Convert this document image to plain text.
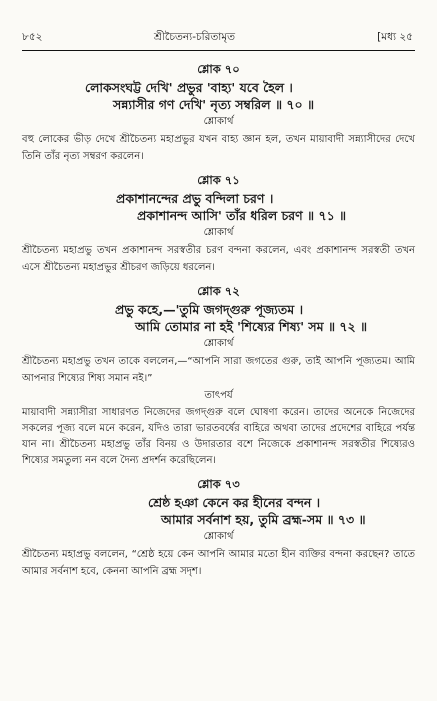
৮৫২	শ্রীচৈতন্য-চরিতামৃত	[মধ্য ২৫
শ্লোক ৭০
লোকসংঘট্ট দেখি' প্রভুর 'বাহ্য' যবে হৈল ।
সন্ন্যাসীর গণ দেখি' নৃত্য সম্বরিল ॥ ৭০ ॥
শ্লোকার্থ
বহু লোকের ভীড় দেখে শ্রীচৈতন্য মহাপ্রভুর যখন বাহ্য জ্ঞান হল, তখন মায়াবাদী সন্ন্যাসীদের দেখে তিনি তাঁর নৃত্য সম্বরণ করলেন।
শ্লোক ৭১
প্রকাশানন্দের প্রভু বন্দিলা চরণ ।
প্রকাশানন্দ আসি' তাঁর ধরিল চরণ ॥ ৭১ ॥
শ্লোকার্থ
শ্রীচৈতন্য মহাপ্রভু তখন প্রকাশানন্দ সরস্বতীর চরণ বন্দনা করলেন, এবং প্রকাশানন্দ সরস্বতী তখন এসে শ্রীচৈতন্য মহাপ্রভুর শ্রীচরণ জড়িয়ে ধরলেন।
শ্লোক ৭২
প্রভু কহে,—'তুমি জগদ্‌গুরু পূজ্যতম ।
আমি তোমার না হই 'শিষ্যের শিষ্য' সম ॥ ৭২ ॥
শ্লোকার্থ
শ্রীচৈতন্য মহাপ্রভু তখন তাকে বললেন,—“আপনি সারা জগতের গুরু, তাই আপনি পূজ্যতম। আমি আপনার শিষ্যের শিষ্য সমান নই।”
তাৎপর্য
মায়াবাদী সন্ন্যাসীরা সাধারণত নিজেদের জগদ্‌গুরু বলে ঘোষণা করেন। তাদের অনেকে নিজেদের সকলের পূজ্য বলে মনে করেন, যদিও তারা ভারতবর্ষের বাহিরে অথবা তাদের প্রদেশের বাহিরে পর্যন্ত যান না। শ্রীচৈতন্য মহাপ্রভু তাঁর বিনয় ও উদারতার বশে নিজেকে প্রকাশানন্দ সরস্বতীর শিষ্যেরও শিষ্যের সমতুল্য নন বলে দৈন্য প্রদর্শন করেছিলেন।
শ্লোক ৭৩
শ্রেষ্ঠ হঞা কেনে কর হীনের বন্দন ।
আমার সর্বনাশ হয়, তুমি ব্রহ্ম-সম ॥ ৭৩ ॥
শ্লোকার্থ
শ্রীচৈতন্য মহাপ্রভু বললেন, “শ্রেষ্ঠ হয়ে কেন আপনি আমার মতো হীন ব্যক্তির বন্দনা করছেন? তাতে আমার সর্বনাশ হবে, কেননা আপনি ব্রহ্ম সদৃশ।
